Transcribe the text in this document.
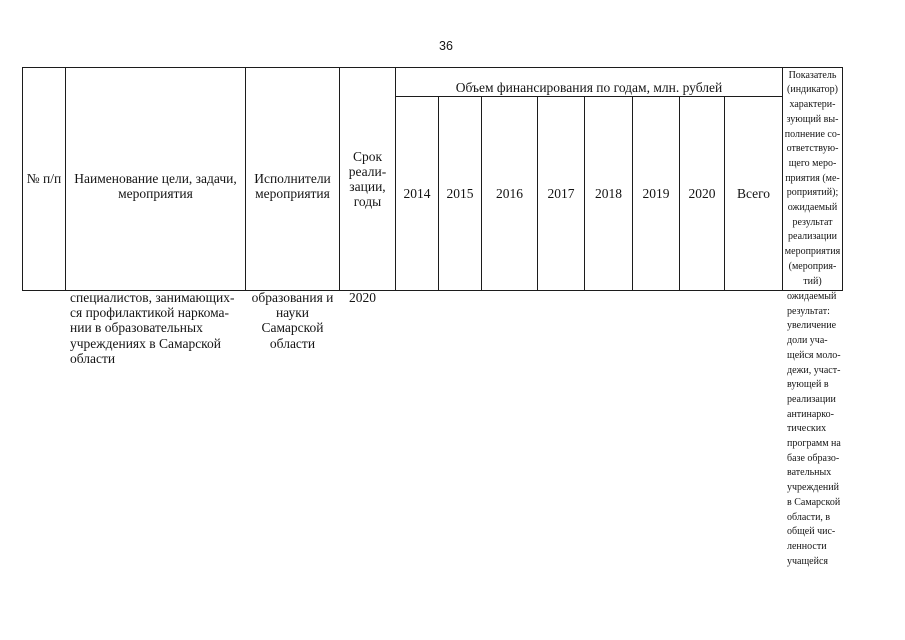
36
№ п/п Наименование цели, задачи,
мероприятия
Исполнители
мероприятия
Срок
реали-
зации,
годы
Объем финансирования по годам, млн. рублей
2014 2015 2016 2017 2018 2019 2020 Всего
Показатель
(индикатор)
характери-
зующий вы-
полнение со-
ответствую-
щего меро-
приятия (ме-
роприятий);
ожидаемый
результат
реализации
мероприятия
(мероприя-
тий)
специалистов, занимающих-
ся профилактикой наркома-
нии в образовательных
учреждениях в Самарской
области
образования и
науки
Самарской
области
2020	ожидаемый
результат:
увеличение
доли уча-
щейся моло-
дежи, участ-
вующей в
реализации
антинарко-
тических
программ на
базе образо-
вательных
учреждений
в Самарской
области, в
общей чис-
ленности
учащейся
